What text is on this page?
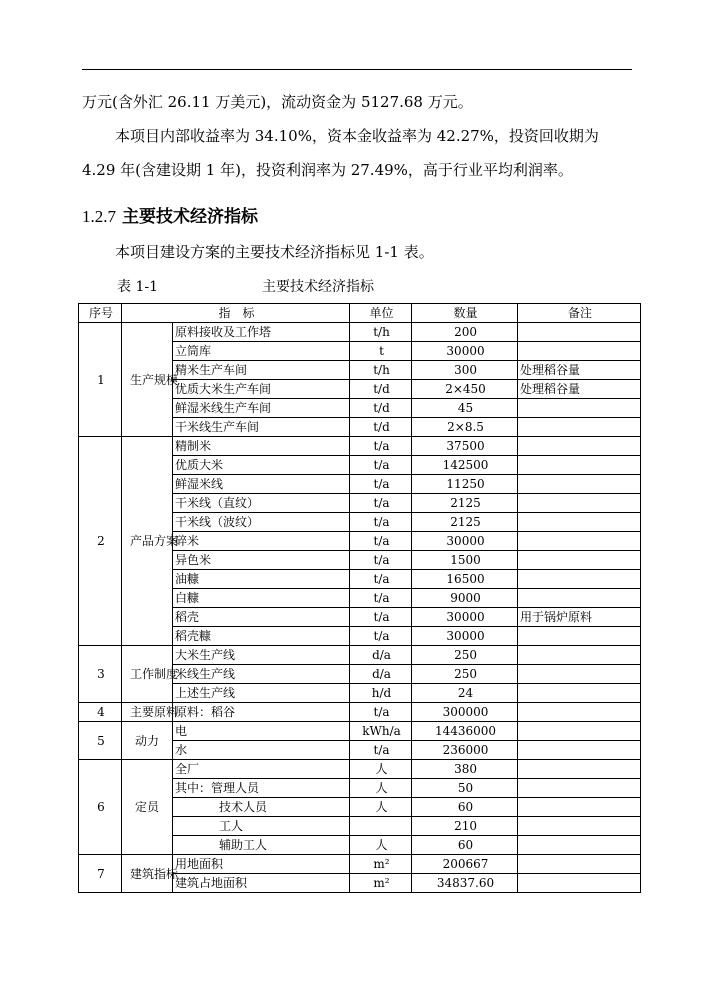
万元(含外汇 26.11 万美元)，流动资金为 5127.68 万元。
本项目内部收益率为 34.10%，资本金收益率为 42.27%，投资回收期为
4.29 年(含建设期 1 年)，投资利润率为 27.49%，高于行业平均利润率。
1.2.7 主要技术经济指标
本项目建设方案的主要技术经济指标见 1-1 表。
表 1-1	主要技术经济指标
序号	指　标		单位	数量	备注
1	生产规模	原料接收及工作塔	t/h	200	
		立筒库	t	30000	
		精米生产车间	t/h	300	处理稻谷量
		优质大米生产车间	t/d	2×450	处理稻谷量
		鲜湿米线生产车间	t/d	45	
		干米线生产车间	t/d	2×8.5	
2	产品方案	精制米	t/a	37500	
		优质大米	t/a	142500	
		鲜湿米线	t/a	11250	
		干米线（直纹）	t/a	2125	
		干米线（波纹）	t/a	2125	
		碎米	t/a	30000	
		异色米	t/a	1500	
		油糠	t/a	16500	
		白糠	t/a	9000	
		稻壳	t/a	30000	用于锅炉原料
		稻壳糠	t/a	30000	
3	工作制度	大米生产线	d/a	250	
		米线生产线	d/a	250	
		上述生产线	h/d	24	
4	主要原料	原料：稻谷	t/a	300000	
5	动力	电	kWh/a	14436000	
		水	t/a	236000	
6	定员	全厂	人	380	
		其中：管理人员	人	50	
		技术人员	人	60	
		工人		210	
		辅助工人	人	60	
7	建筑指标	用地面积	m²	200667	
		建筑占地面积	m²	34837.60	
